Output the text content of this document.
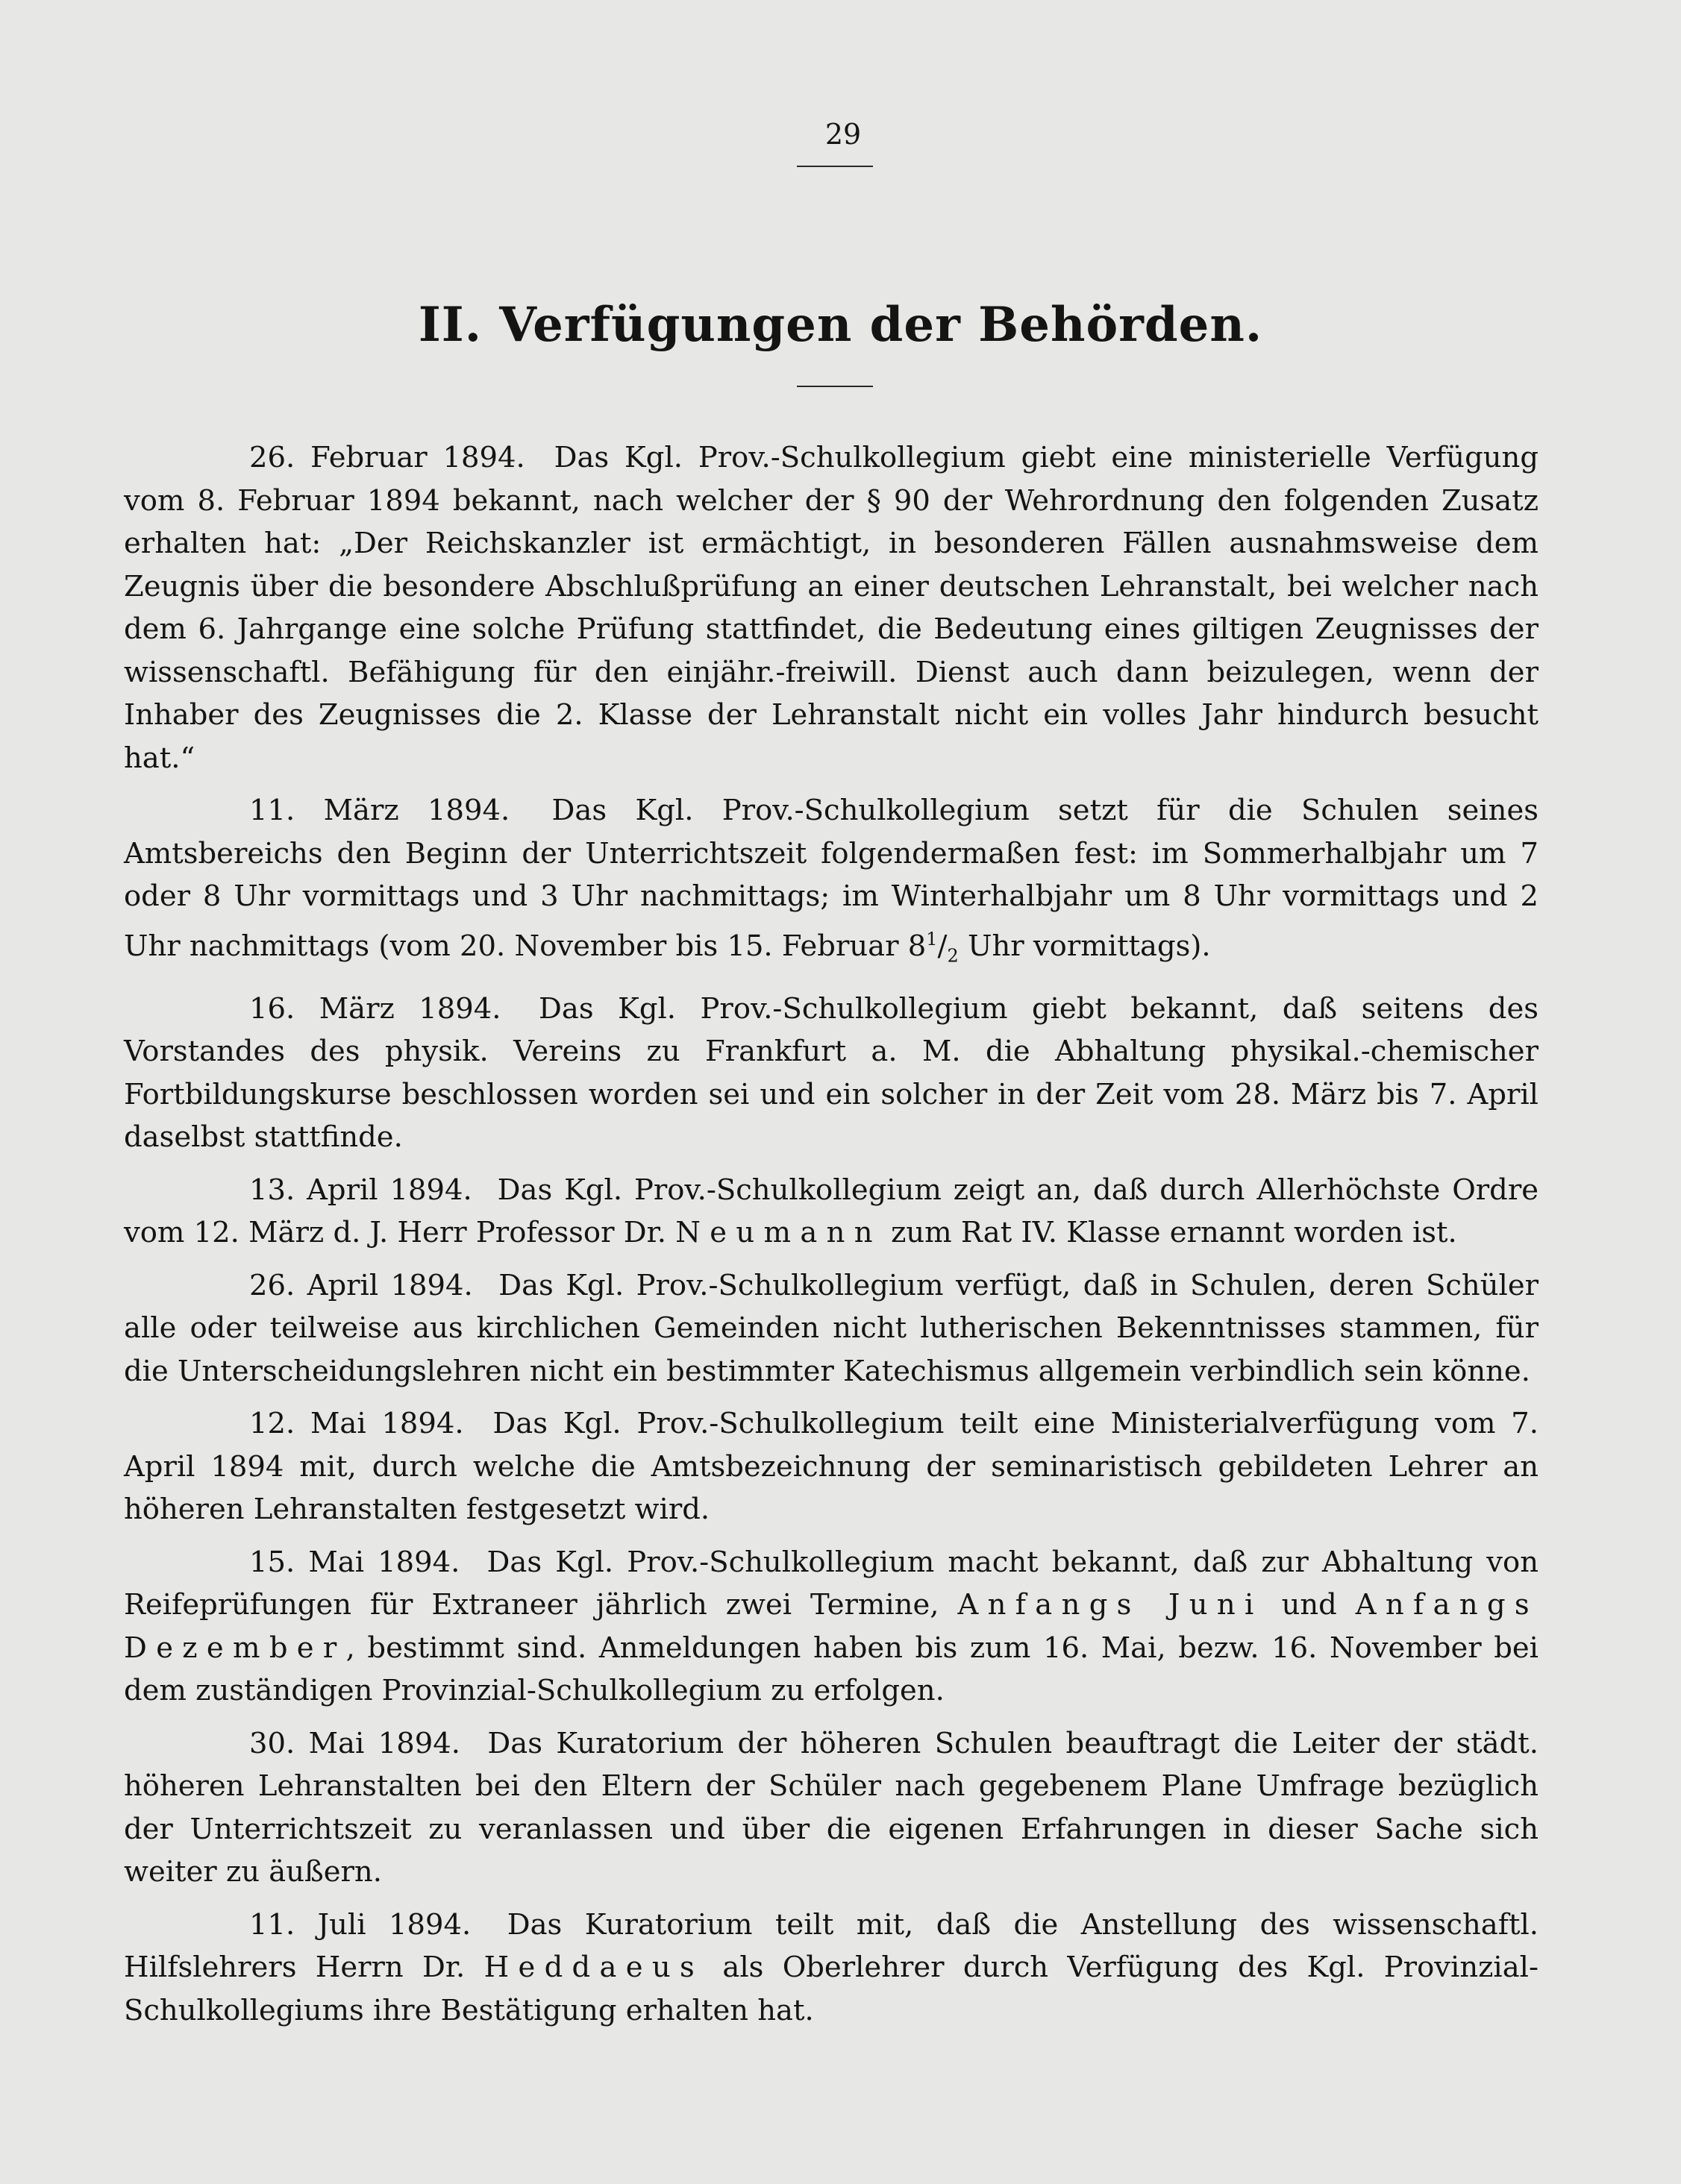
29
II. Verfügungen der Behörden.

26. Februar 1894. Das Kgl. Prov.-Schulkollegium giebt eine ministerielle Verfügung vom 8. Februar 1894 bekannt, nach welcher der § 90 der Wehrordnung den folgenden Zusatz erhalten hat: „Der Reichskanzler ist ermächtigt, in besonderen Fällen ausnahmsweise dem Zeugnis über die besondere Abschlußprüfung an einer deutschen Lehranstalt, bei welcher nach dem 6. Jahrgange eine solche Prüfung stattfindet, die Bedeutung eines giltigen Zeugnisses der wissenschaftl. Befähigung für den einjähr.-freiwill. Dienst auch dann beizulegen, wenn der Inhaber des Zeugnisses die 2. Klasse der Lehranstalt nicht ein volles Jahr hindurch besucht hat.“

11. März 1894. Das Kgl. Prov.-Schulkollegium setzt für die Schulen seines Amtsbereichs den Beginn der Unterrichtszeit folgendermaßen fest: im Sommerhalbjahr um 7 oder 8 Uhr vormittags und 3 Uhr nachmittags; im Winterhalbjahr um 8 Uhr vormittags und 2 Uhr nachmittags (vom 20. November bis 15. Februar $8^1/_2$ Uhr vormittags).

16. März 1894. Das Kgl. Prov.-Schulkollegium giebt bekannt, daß seitens des Vorstandes des physik. Vereins zu Frankfurt a. M. die Abhaltung physikal.-chemischer Fortbildungskurse beschlossen worden sei und ein solcher in der Zeit vom 28. März bis 7. April daselbst stattfinde.

13. April 1894. Das Kgl. Prov.-Schulkollegium zeigt an, daß durch Allerhöchste Ordre vom 12. März d. J. Herr Professor Dr. Neumann zum Rat IV. Klasse ernannt worden ist.

26. April 1894. Das Kgl. Prov.-Schulkollegium verfügt, daß in Schulen, deren Schüler alle oder teilweise aus kirchlichen Gemeinden nicht lutherischen Bekenntnisses stammen, für die Unterscheidungslehren nicht ein bestimmter Katechismus allgemein verbindlich sein könne.

12. Mai 1894. Das Kgl. Prov.-Schulkollegium teilt eine Ministerialverfügung vom 7. April 1894 mit, durch welche die Amtsbezeichnung der seminaristisch gebildeten Lehrer an höheren Lehranstalten festgesetzt wird.

15. Mai 1894. Das Kgl. Prov.-Schulkollegium macht bekannt, daß zur Abhaltung von Reifeprüfungen für Extraneer jährlich zwei Termine, Anfangs Juni und Anfangs Dezember, bestimmt sind. Anmeldungen haben bis zum 16. Mai, bezw. 16. November bei dem zuständigen Provinzial-Schulkollegium zu erfolgen.

30. Mai 1894. Das Kuratorium der höheren Schulen beauftragt die Leiter der städt. höheren Lehranstalten bei den Eltern der Schüler nach gegebenem Plane Umfrage bezüglich der Unterrichtszeit zu veranlassen und über die eigenen Erfahrungen in dieser Sache sich weiter zu äußern.

11. Juli 1894. Das Kuratorium teilt mit, daß die Anstellung des wissenschaftl. Hilfslehrers Herrn Dr. Heddaeus als Oberlehrer durch Verfügung des Kgl. Provinzial-Schulkollegiums ihre Bestätigung erhalten hat.
